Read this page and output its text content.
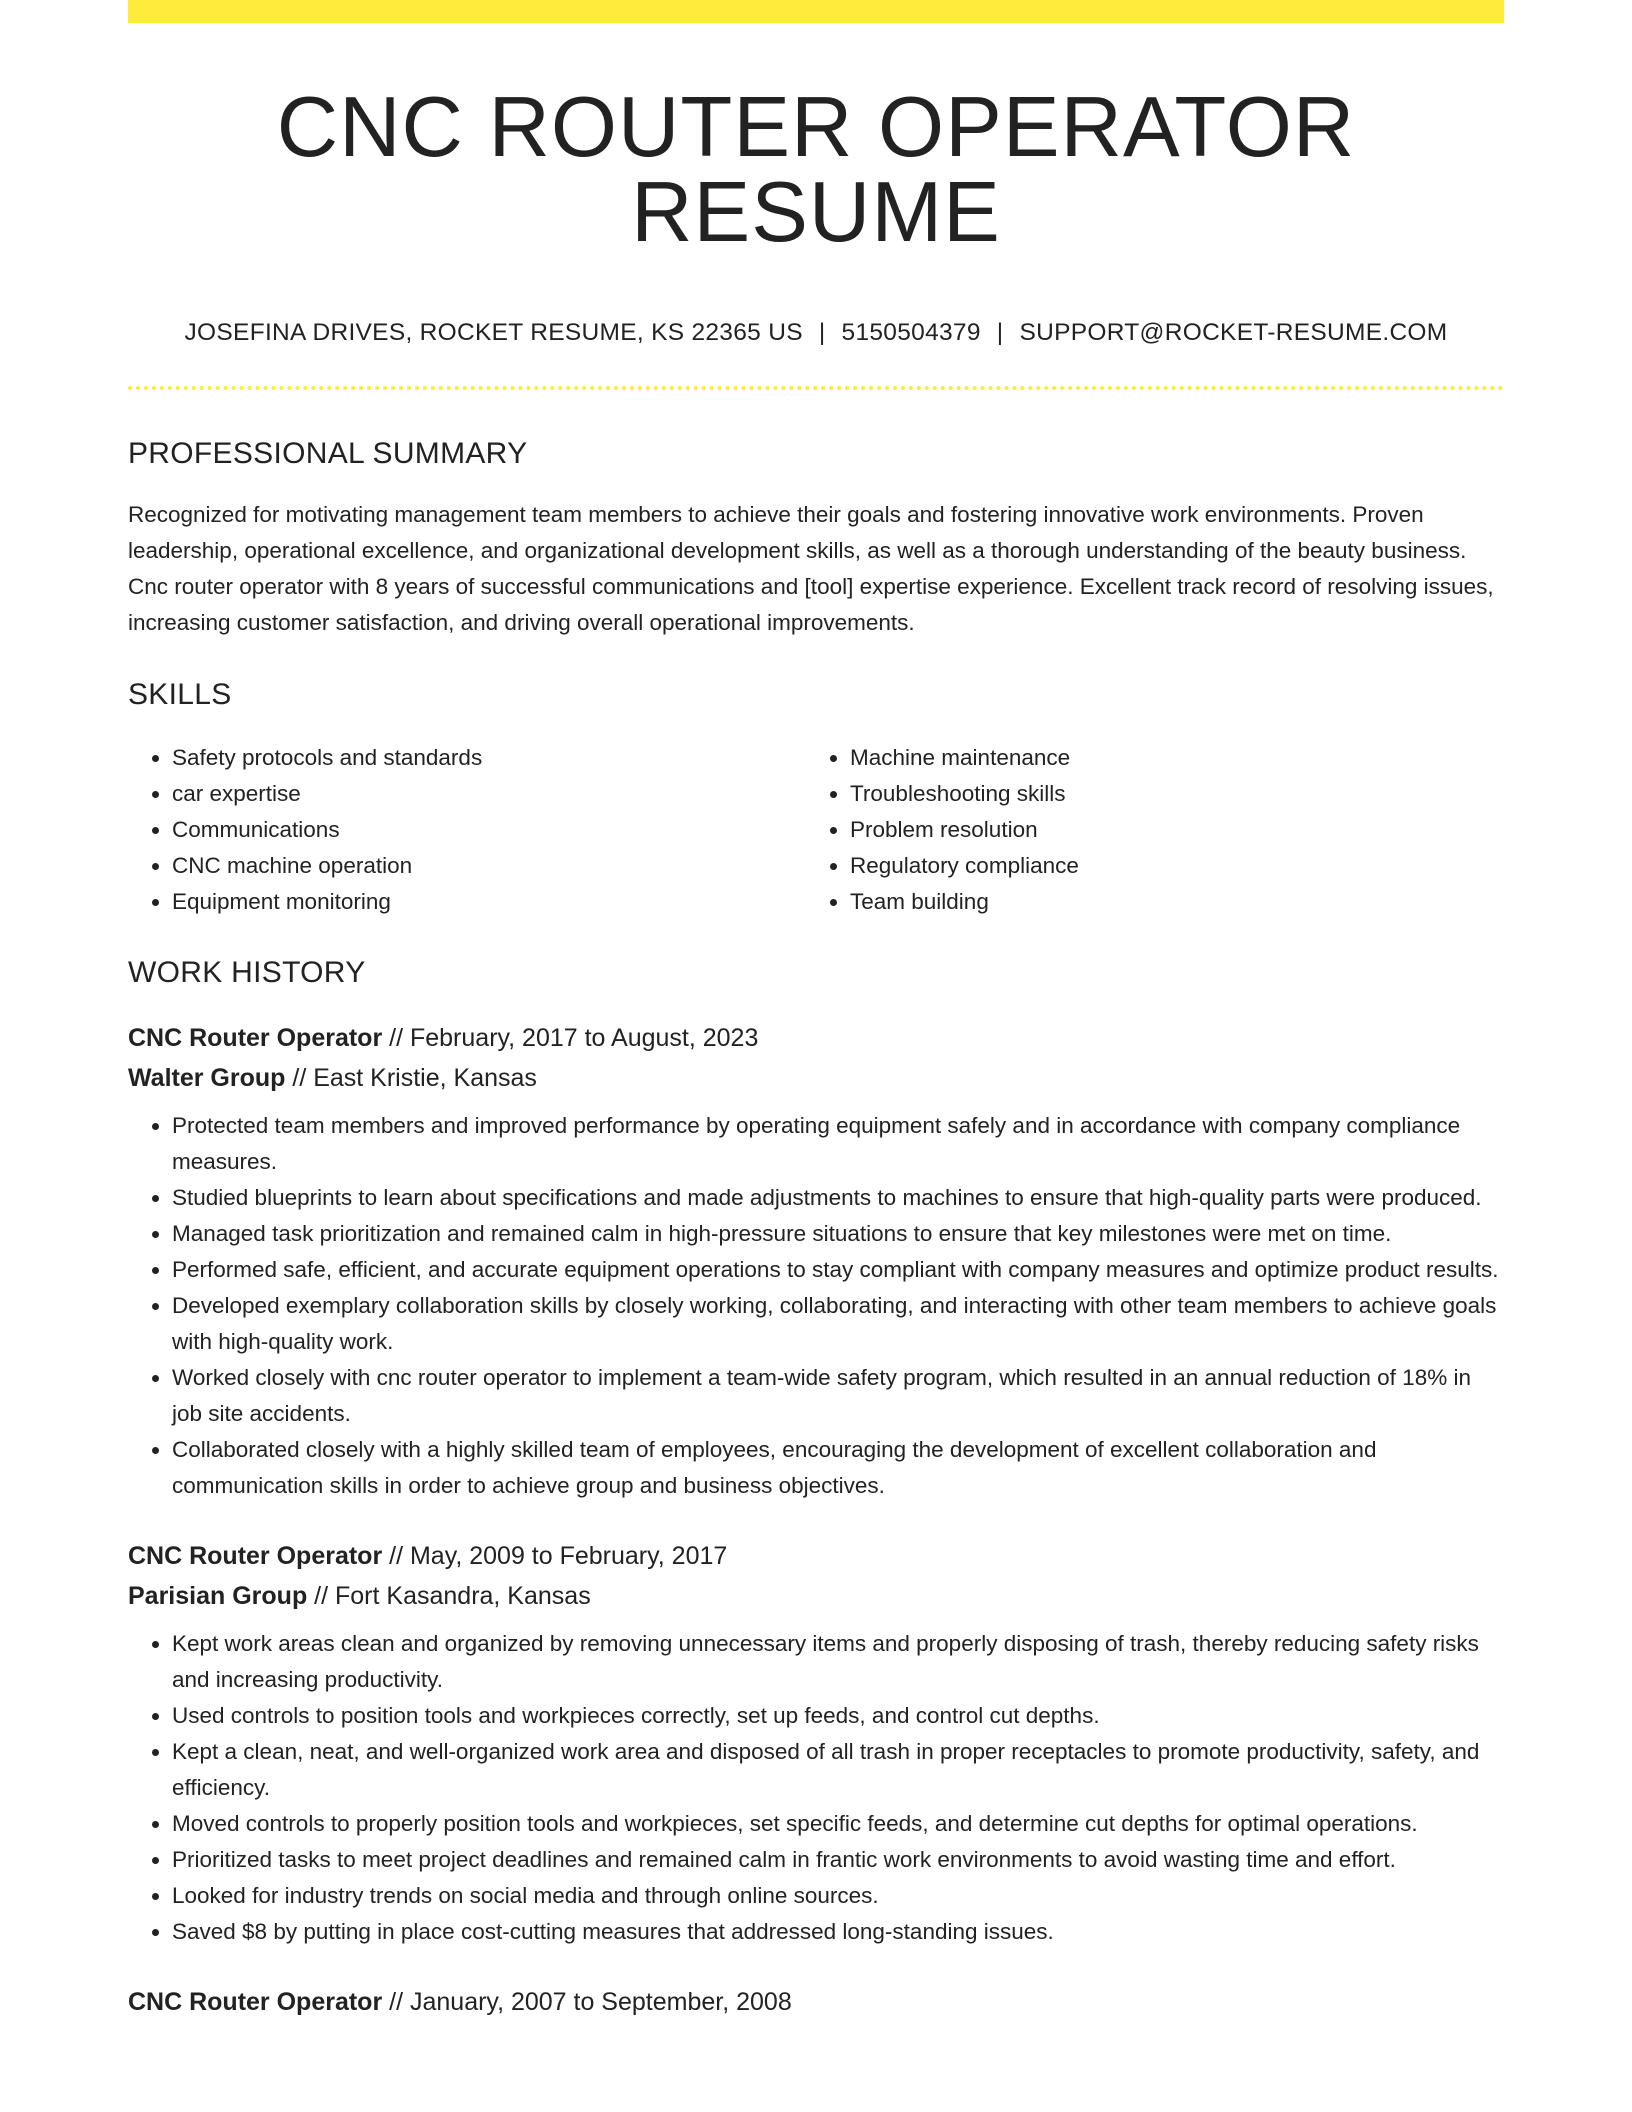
CNC ROUTER OPERATOR RESUME
JOSEFINA DRIVES, ROCKET RESUME, KS 22365 US | 5150504379 | SUPPORT@ROCKET-RESUME.COM
PROFESSIONAL SUMMARY

Recognized for motivating management team members to achieve their goals and fostering innovative work environments. Proven leadership, operational excellence, and organizational development skills, as well as a thorough understanding of the beauty business. Cnc router operator with 8 years of successful communications and [tool] expertise experience. Excellent track record of resolving issues, increasing customer satisfaction, and driving overall operational improvements.

SKILLS
• Safety protocols and standards
• car expertise
• Communications
• CNC machine operation
• Equipment monitoring
• Machine maintenance
• Troubleshooting skills
• Problem resolution
• Regulatory compliance
• Team building
WORK HISTORY
CNC Router Operator // February, 2017 to August, 2023
Walter Group // East Kristie, Kansas
• Protected team members and improved performance by operating equipment safely and in accordance with company compliance measures.
• Studied blueprints to learn about specifications and made adjustments to machines to ensure that high-quality parts were produced.
• Managed task prioritization and remained calm in high-pressure situations to ensure that key milestones were met on time.
• Performed safe, efficient, and accurate equipment operations to stay compliant with company measures and optimize product results.
• Developed exemplary collaboration skills by closely working, collaborating, and interacting with other team members to achieve goals with high-quality work.
• Worked closely with cnc router operator to implement a team-wide safety program, which resulted in an annual reduction of 18% in job site accidents.
• Collaborated closely with a highly skilled team of employees, encouraging the development of excellent collaboration and communication skills in order to achieve group and business objectives.
CNC Router Operator // May, 2009 to February, 2017
Parisian Group // Fort Kasandra, Kansas
• Kept work areas clean and organized by removing unnecessary items and properly disposing of trash, thereby reducing safety risks and increasing productivity.
• Used controls to position tools and workpieces correctly, set up feeds, and control cut depths.
• Kept a clean, neat, and well-organized work area and disposed of all trash in proper receptacles to promote productivity, safety, and efficiency.
• Moved controls to properly position tools and workpieces, set specific feeds, and determine cut depths for optimal operations.
• Prioritized tasks to meet project deadlines and remained calm in frantic work environments to avoid wasting time and effort.
• Looked for industry trends on social media and through online sources.
• Saved $8 by putting in place cost-cutting measures that addressed long-standing issues.
CNC Router Operator // January, 2007 to September, 2008
